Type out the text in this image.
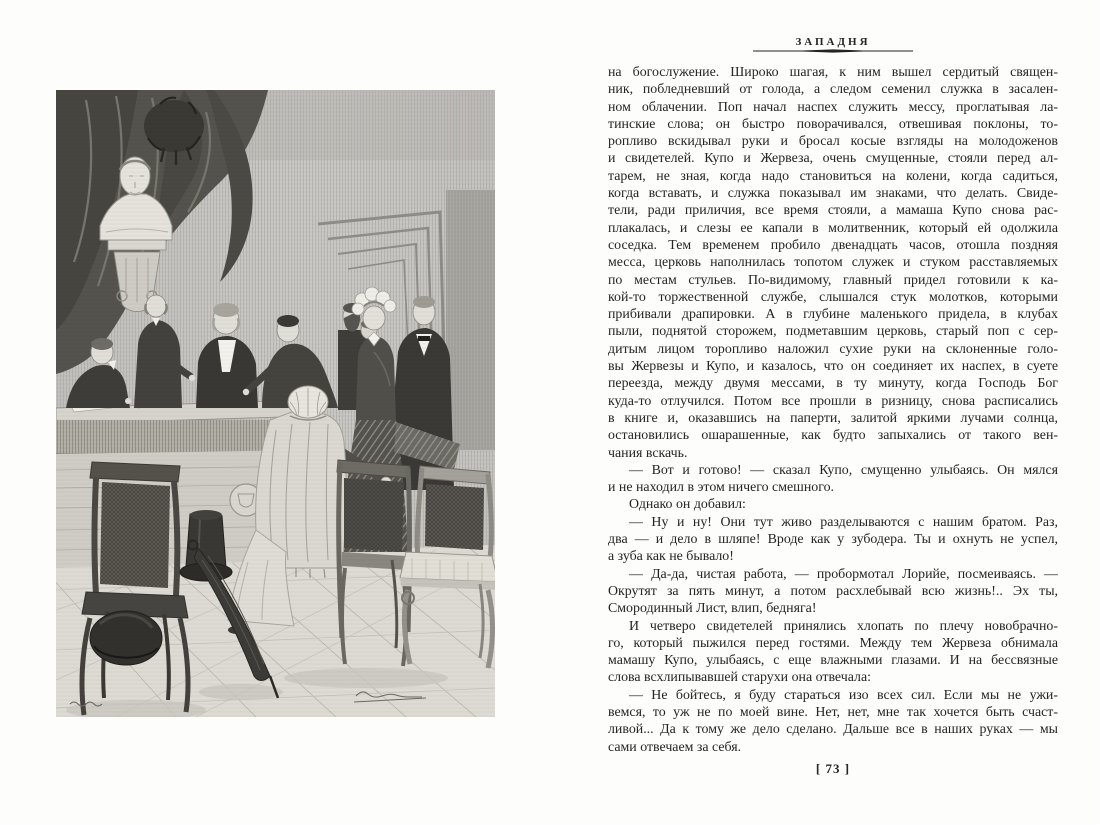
ЗАПАДНЯ
на богослужение. Широко шагая, к ним вышел сердитый священ-
ник, побледневший от голода, а следом семенил служка в засален-
ном облачении. Поп начал наспех служить мессу, проглатывая ла-
тинские слова; он быстро поворачивался, отвешивая поклоны, то-
ропливо вскидывал руки и бросал косые взгляды на молодоженов
и свидетелей. Купо и Жервеза, очень смущенные, стояли перед ал-
тарем, не зная, когда надо становиться на колени, когда садиться,
когда вставать, и служка показывал им знаками, что делать. Свиде-
тели, ради приличия, все время стояли, а мамаша Купо снова рас-
плакалась, и слезы ее капали в молитвенник, который ей одолжила
соседка. Тем временем пробило двенадцать часов, отошла поздняя
месса, церковь наполнилась топотом служек и стуком расставляемых
по местам стульев. По-видимому, главный придел готовили к ка-
кой-то торжественной службе, слышался стук молотков, которыми
прибивали драпировки. А в глубине маленького придела, в клубах
пыли, поднятой сторожем, подметавшим церковь, старый поп с сер-
дитым лицом торопливо наложил сухие руки на склоненные голо-
вы Жервезы и Купо, и казалось, что он соединяет их наспех, в суете
переезда, между двумя мессами, в ту минуту, когда Господь Бог
куда-то отлучился. Потом все прошли в ризницу, снова расписались
в книге и, оказавшись на паперти, залитой яркими лучами солнца,
остановились ошарашенные, как будто запыхались от такого вен-
чания вскачь.
— Вот и готово! — сказал Купо, смущенно улыбаясь. Он мялся
и не находил в этом ничего смешного.
Однако он добавил:
— Ну и ну! Они тут живо разделываются с нашим братом. Раз,
два — и дело в шляпе! Вроде как у зубодера. Ты и охнуть не успел,
а зуба как не бывало!
— Да-да, чистая работа, — пробормотал Лорийе, посмеиваясь. —
Окрутят за пять минут, а потом расхлебывай всю жизнь!.. Эх ты,
Смородинный Лист, влип, бедняга!
И четверо свидетелей принялись хлопать по плечу новобрачно-
го, который пыжился перед гостями. Между тем Жервеза обнимала
мамашу Купо, улыбаясь, с еще влажными глазами. И на бессвязные
слова всхлипывавшей старухи она отвечала:
— Не бойтесь, я буду стараться изо всех сил. Если мы не ужи-
вемся, то уж не по моей вине. Нет, нет, мне так хочется быть счаст-
ливой... Да к тому же дело сделано. Дальше все в наших руках — мы
сами отвечаем за себя.
[ 73 ]
